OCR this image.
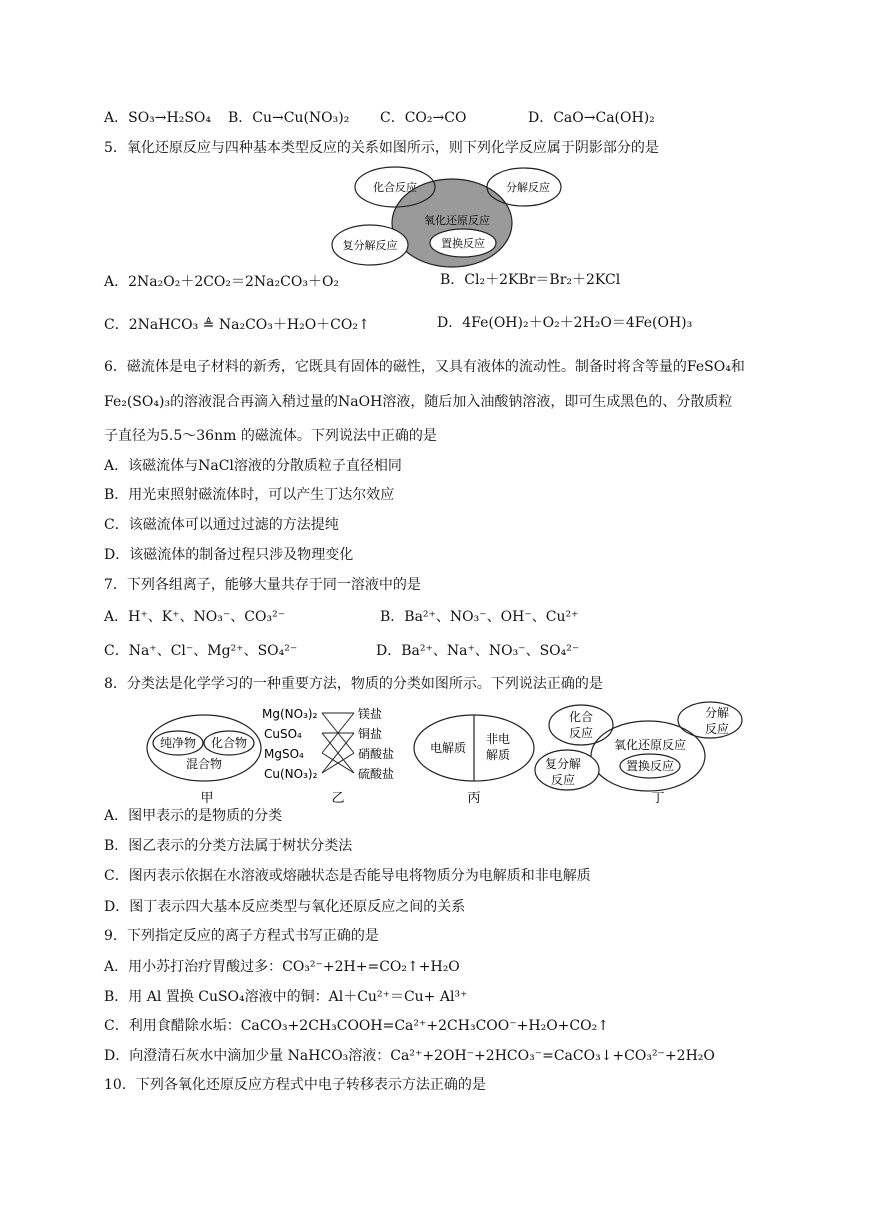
A．SO₃→H₂SO₄ B．Cu→Cu(NO₃)₂ C．CO₂→CO	D．CaO→Ca(OH)₂
5．氧化还原反应与四种基本类型反应的关系如图所示，则下列化学反应属于阴影部分的是
化合反应	分解反应
氧化还原反应
复分解反应	置换反应
A．2Na₂O₂＋2CO₂＝2Na₂CO₃＋O₂	B．Cl₂＋2KBr＝Br₂＋2KCl
C．2NaHCO₃ ≜ Na₂CO₃＋H₂O＋CO₂↑	D．4Fe(OH)₂＋O₂＋2H₂O＝4Fe(OH)₃
6．磁流体是电子材料的新秀，它既具有固体的磁性，又具有液体的流动性。制备时将含等量的FeSO₄和
Fe₂(SO₄)₃的溶液混合再滴入稍过量的NaOH溶液，随后加入油酸钠溶液，即可生成黑色的、分散质粒
子直径为5.5～36nm 的磁流体。下列说法中正确的是
A．该磁流体与NaCl溶液的分散质粒子直径相同
B．用光束照射磁流体时，可以产生丁达尔效应
C．该磁流体可以通过过滤的方法提纯
D．该磁流体的制备过程只涉及物理变化
7．下列各组离子，能够大量共存于同一溶液中的是
A．H⁺、K⁺、NO₃⁻、CO₃²⁻	B．Ba²⁺、NO₃⁻、OH⁻、Cu²⁺
C．Na⁺、Cl⁻、Mg²⁺、SO₄²⁻	D．Ba²⁺、Na⁺、NO₃⁻、SO₄²⁻
8．分类法是化学学习的一种重要方法，物质的分类如图所示。下列说法正确的是
纯净物 化合物
混合物
甲
Mg(NO₃)₂
CuSO₄
MgSO₄
Cu(NO₃)₂
镁盐
铜盐
硝酸盐
硫酸盐
乙
电解质
非电
解质
丙
化合
反应
分解
反应
氧化还原反应
置换反应
复分解
反应
丁
A．图甲表示的是物质的分类
B．图乙表示的分类方法属于树状分类法
C．图丙表示依据在水溶液或熔融状态是否能导电将物质分为电解质和非电解质
D．图丁表示四大基本反应类型与氧化还原反应之间的关系
9．下列指定反应的离子方程式书写正确的是
A．用小苏打治疗胃酸过多：CO₃²⁻+2H+=CO₂↑+H₂O
B．用 Al 置换 CuSO₄溶液中的铜：Al＋Cu²⁺＝Cu+ Al³⁺
C．利用食醋除水垢：CaCO₃+2CH₃COOH=Ca²⁺+2CH₃COO⁻+H₂O+CO₂↑
D．向澄清石灰水中滴加少量 NaHCO₃溶液：Ca²⁺+2OH⁻+2HCO₃⁻=CaCO₃↓+CO₃²⁻+2H₂O
10．下列各氧化还原反应方程式中电子转移表示方法正确的是
